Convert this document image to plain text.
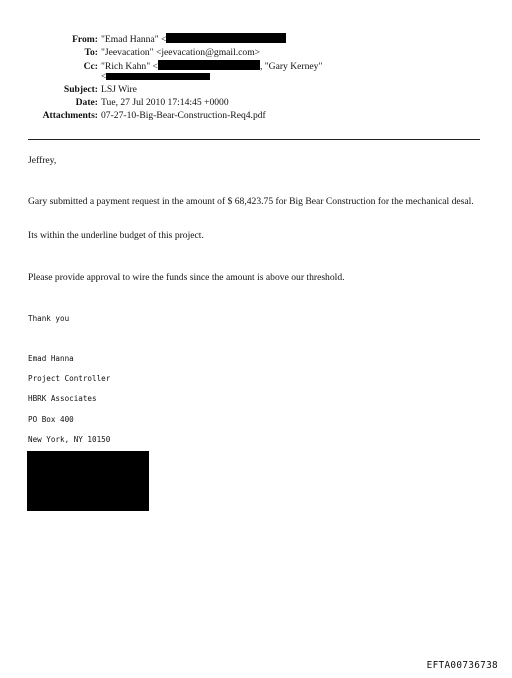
From: "Emad Hanna" <
To: "Jeevacation" <jeevacation@gmail.com>
Cc: "Rich Kahn" <	, "Gary Kerney"
<
Subject: LSJ Wire
Date: Tue, 27 Jul 2010 17:14:45 +0000
Attachments: 07-27-10-Big-Bear-Construction-Req4.pdf
Jeffrey,
Gary submitted a payment request in the amount of $ 68,423.75 for Big Bear Construction for the mechanical desal.
Its within the underline budget of this project.
Please provide approval to wire the funds since the amount is above our threshold.
Thank you
Emad Hanna
Project Controller
HBRK Associates
PO Box 400
New York, NY 10150
EFTA00736738
